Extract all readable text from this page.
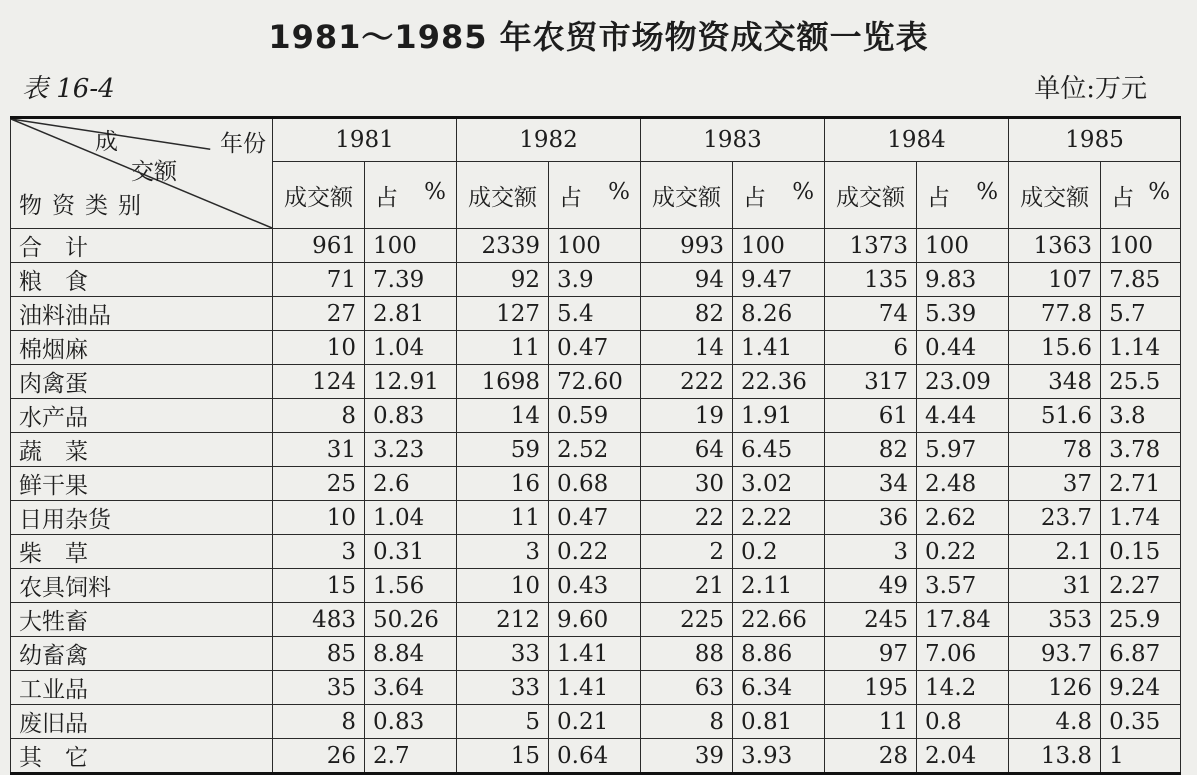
1981～1985 年农贸市场物资成交额一览表
表 16-4	单位:万元
年份
成
交额
物资类别	1981		1982		1983		1984		1985	
	成交额	占 %	成交额	占 %	成交额	占 %	成交额	占 %	成交额	占 %

合　计	961	100	2339	100	993	100	1373	100	1363	100
粮　食	71	7.39	92	3.9	94	9.47	135	9.83	107	7.85
油料油品	27	2.81	127	5.4	82	8.26	74	5.39	77.8	5.7
棉烟麻	10	1.04	11	0.47	14	1.41	6	0.44	15.6	1.14
肉禽蛋	124	12.91	1698	72.60	222	22.36	317	23.09	348	25.5
水产品	8	0.83	14	0.59	19	1.91	61	4.44	51.6	3.8
蔬　菜	31	3.23	59	2.52	64	6.45	82	5.97	78	3.78
鲜干果	25	2.6	16	0.68	30	3.02	34	2.48	37	2.71
日用杂货	10	1.04	11	0.47	22	2.22	36	2.62	23.7	1.74
柴　草	3	0.31	3	0.22	2	0.2	3	0.22	2.1	0.15
农具饲料	15	1.56	10	0.43	21	2.11	49	3.57	31	2.27
大牲畜	483	50.26	212	9.60	225	22.66	245	17.84	353	25.9
幼畜禽	85	8.84	33	1.41	88	8.86	97	7.06	93.7	6.87
工业品	35	3.64	33	1.41	63	6.34	195	14.2	126	9.24
废旧品	8	0.83	5	0.21	8	0.81	11	0.8	4.8	0.35
其　它	26	2.7	15	0.64	39	3.93	28	2.04	13.8	1
